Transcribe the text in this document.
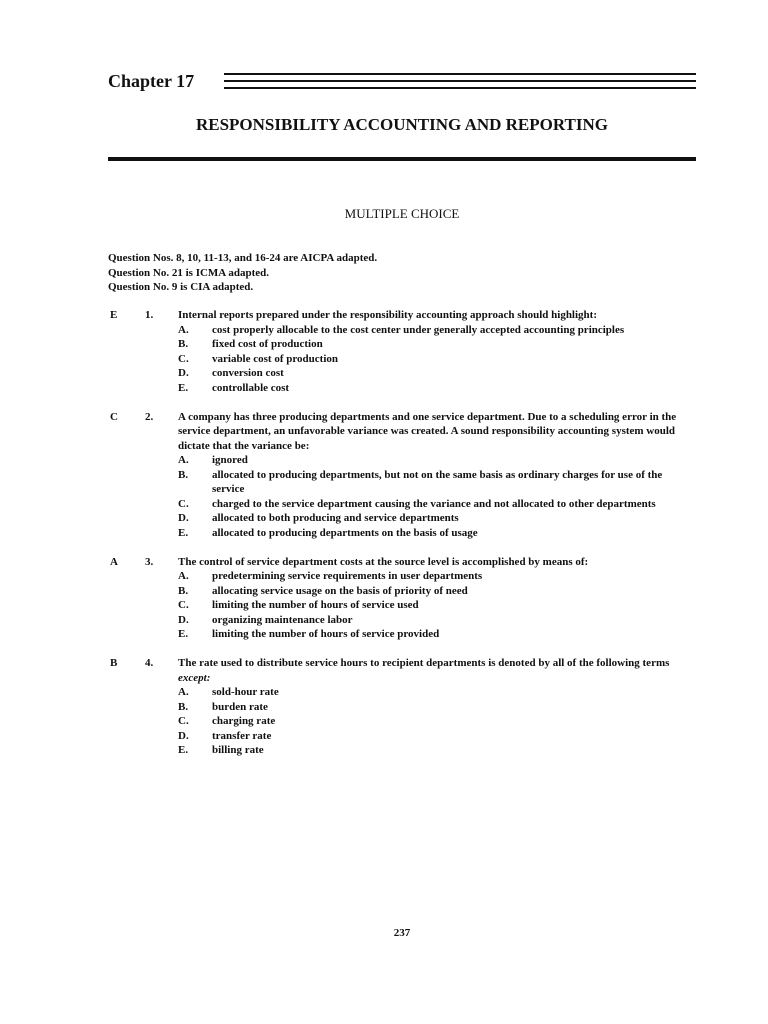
Chapter 17
RESPONSIBILITY ACCOUNTING AND REPORTING
MULTIPLE CHOICE
Question Nos. 8, 10, 11-13, and 16-24 are AICPA adapted.
Question No. 21 is ICMA adapted.
Question No. 9 is CIA adapted.
E	1. Internal reports prepared under the responsibility accounting approach should highlight:
A. cost properly allocable to the cost center under generally accepted accounting principles
B. fixed cost of production
C. variable cost of production
D. conversion cost
E. controllable cost
C 2. A company has three producing departments and one service department. Due to a scheduling error in the service department, an unfavorable variance was created. A sound responsibility accounting system would dictate that the variance be:
A. ignored
B. allocated to producing departments, but not on the same basis as ordinary charges for use of the service
C. charged to the service department causing the variance and not allocated to other departments
D. allocated to both producing and service departments
E. allocated to producing departments on the basis of usage
A 3. The control of service department costs at the source level is accomplished by means of:
A. predetermining service requirements in user departments
B. allocating service usage on the basis of priority of need
C. limiting the number of hours of service used
D. organizing maintenance labor
E. limiting the number of hours of service provided
B	4. The rate used to distribute service hours to recipient departments is denoted by all of the following terms except:
A. sold-hour rate
B. burden rate
C. charging rate
D. transfer rate
E. billing rate
237
